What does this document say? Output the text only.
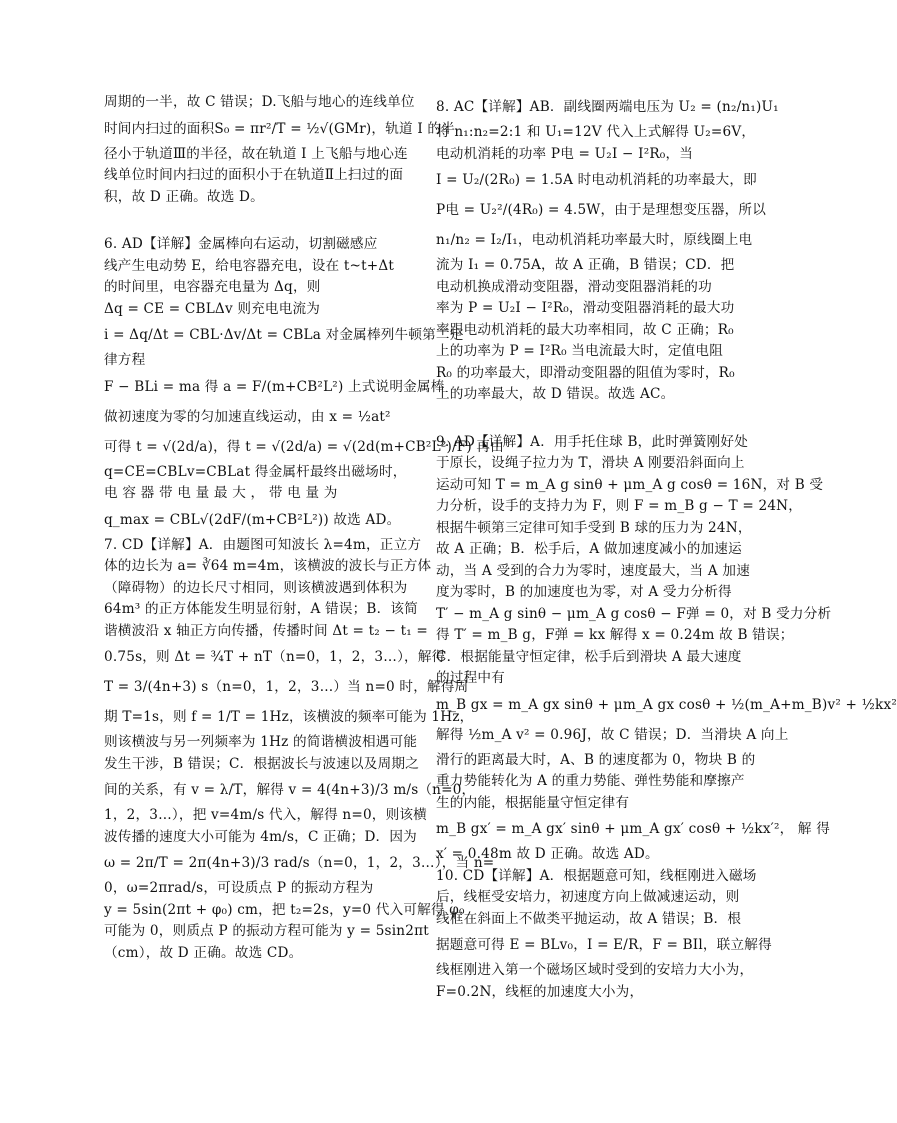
周期的一半，故 C 错误；D.飞船与地心的连线单位
时间内扫过的面积S₀ = πr²/T = ½√(GMr)，轨道 I 的半
径小于轨道Ⅲ的半径，故在轨道 I 上飞船与地心连
线单位时间内扫过的面积小于在轨道Ⅱ上扫过的面
积，故 D 正确。故选 D。
6. AD【详解】金属棒向右运动，切割磁感应
线产生电动势 E，给电容器充电，设在 t~t+Δt
的时间里，电容器充电量为 Δq，则
Δq = CE = CBLΔv 则充电电流为
i = Δq/Δt = CBL·Δv/Δt = CBLa 对金属棒列牛顿第二定
律方程
F − BLi = ma 得 a = F/(m+CB²L²) 上式说明金属棒
做初速度为零的匀加速直线运动，由 x = ½at²
可得 t = √(2d/a)，得 t = √(2d/a) = √(2d(m+CB²L²)/F) 再由
q=CE=CBLv=CBLat 得金属杆最终出磁场时，
电 容 器 带 电 量 最 大 ， 带 电 量 为
q_max = CBL√(2dF/(m+CB²L²)) 故选 AD。
7. CD【详解】A．由题图可知波长 λ=4m，正立方
体的边长为 a= ∛64 m=4m，该横波的波长与正方体
（障碍物）的边长尺寸相同，则该横波遇到体积为
64m³ 的正方体能发生明显衍射，A 错误；B．该简
谐横波沿 x 轴正方向传播，传播时间 Δt = t₂ − t₁ =
0.75s，则 Δt = ¾T + nT（n=0，1，2，3…），解得
T = 3/(4n+3) s（n=0，1，2，3…）当 n=0 时，解得周
期 T=1s，则 f = 1/T = 1Hz，该横波的频率可能为 1Hz，
则该横波与另一列频率为 1Hz 的简谐横波相遇可能
发生干涉，B 错误；C．根据波长与波速以及周期之
间的关系，有 v = λ/T，解得 v = 4(4n+3)/3 m/s（n=0，
1，2，3…），把 v=4m/s 代入，解得 n=0，则该横
波传播的速度大小可能为 4m/s，C 正确；D．因为
ω = 2π/T = 2π(4n+3)/3 rad/s（n=0，1，2，3…），当 n=
0，ω=2πrad/s，可设质点 P 的振动方程为
y = 5sin(2πt + φ₀) cm，把 t₂=2s，y=0 代入可解得 φ₀
可能为 0，则质点 P 的振动方程可能为 y = 5sin2πt
（cm），故 D 正确。故选 CD。
8. AC【详解】AB．副线圈两端电压为 U₂ = (n₂/n₁)U₁
将 n₁:n₂=2:1 和 U₁=12V 代入上式解得 U₂=6V，
电动机消耗的功率 P电 = U₂I − I²R₀，当
I = U₂/(2R₀) = 1.5A 时电动机消耗的功率最大，即
P电 = U₂²/(4R₀) = 4.5W，由于是理想变压器，所以
n₁/n₂ = I₂/I₁，电动机消耗功率最大时，原线圈上电
流为 I₁ = 0.75A，故 A 正确，B 错误；CD．把
电动机换成滑动变阻器，滑动变阻器消耗的功
率为 P = U₂I − I²R₀，滑动变阻器消耗的最大功
率跟电动机消耗的最大功率相同，故 C 正确；R₀
上的功率为 P = I²R₀ 当电流最大时，定值电阻
R₀ 的功率最大，即滑动变阻器的阻值为零时，R₀
上的功率最大，故 D 错误。故选 AC。
9. AD【详解】A．用手托住球 B，此时弹簧刚好处
于原长，设绳子拉力为 T，滑块 A 刚要沿斜面向上
运动可知 T = m_A g sinθ + μm_A g cosθ = 16N，对 B 受
力分析，设手的支持力为 F，则 F = m_B g − T = 24N，
根据牛顿第三定律可知手受到 B 球的压力为 24N，
故 A 正确；B．松手后，A 做加速度减小的加速运
动，当 A 受到的合力为零时，速度最大，当 A 加速
度为零时，B 的加速度也为零，对 A 受力分析得
T′ − m_A g sinθ − μm_A g cosθ − F弹 = 0，对 B 受力分析
得 T′ = m_B g，F弹 = kx 解得 x = 0.24m 故 B 错误；
C．根据能量守恒定律，松手后到滑块 A 最大速度
的过程中有
m_B gx = m_A gx sinθ + μm_A gx cosθ + ½(m_A+m_B)v² + ½kx²
解得 ½m_A v² = 0.96J，故 C 错误；D．当滑块 A 向上
滑行的距离最大时，A、B 的速度都为 0，物块 B 的
重力势能转化为 A 的重力势能、弹性势能和摩擦产
生的内能，根据能量守恒定律有
m_B gx′ = m_A gx′ sinθ + μm_A gx′ cosθ + ½kx′²， 解 得
x′ = 0.48m 故 D 正确。故选 AD。
10. CD【详解】A．根据题意可知，线框刚进入磁场
后，线框受安培力，初速度方向上做减速运动，则
线框在斜面上不做类平抛运动，故 A 错误；B．根
据题意可得 E = BLv₀，I = E/R，F = BIl，联立解得
线框刚进入第一个磁场区域时受到的安培力大小为，
F=0.2N，线框的加速度大小为，
